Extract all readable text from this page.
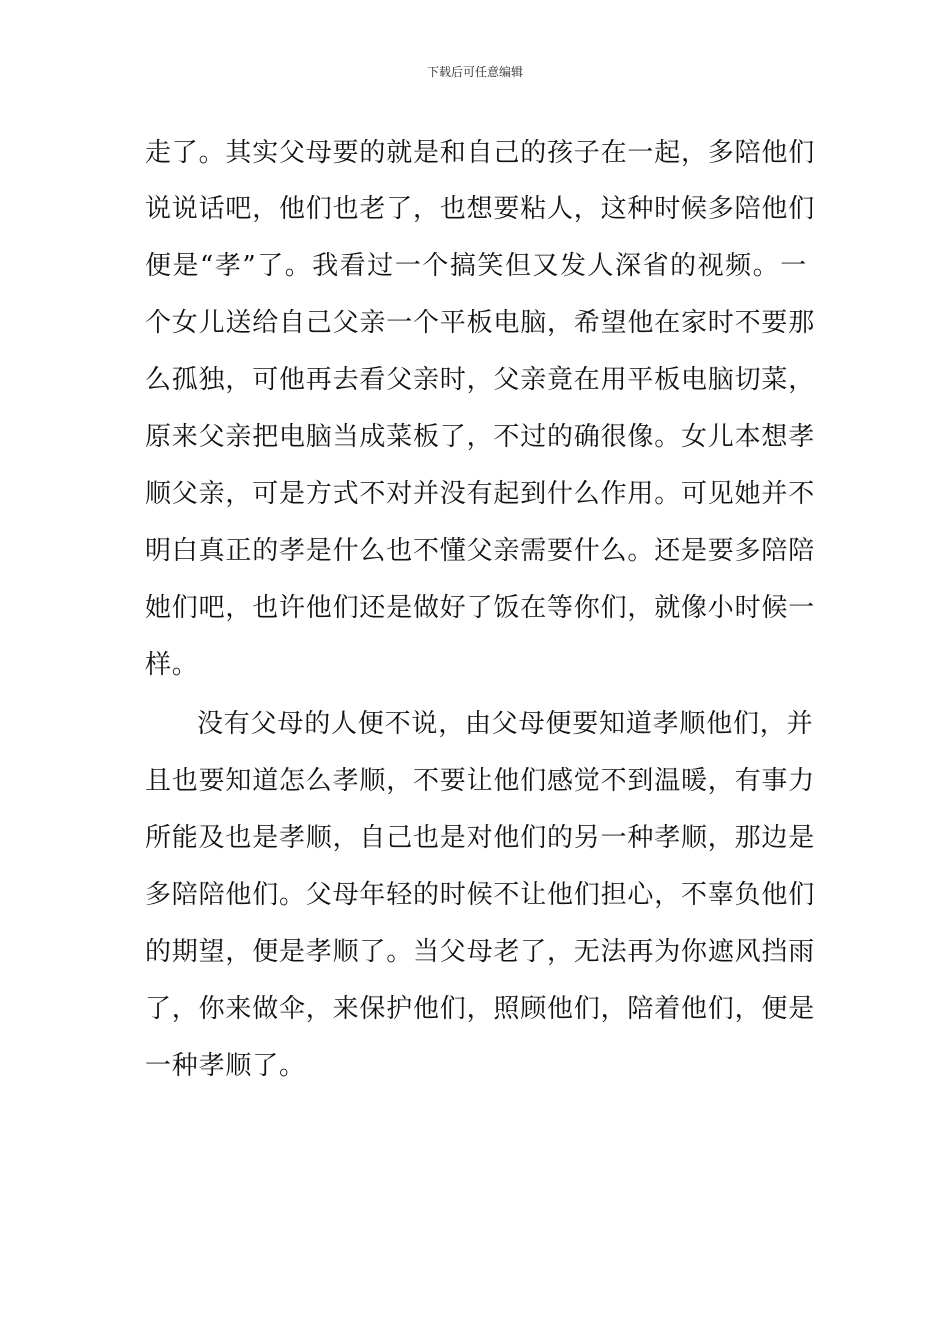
下载后可任意编辑
走了。其实父母要的就是和自己的孩子在一起，多陪他们
说说话吧，他们也老了，也想要粘人，这种时候多陪他们
便是“孝”了。我看过一个搞笑但又发人深省的视频。一
个女儿送给自己父亲一个平板电脑，希望他在家时不要那
么孤独，可他再去看父亲时，父亲竟在用平板电脑切菜，
原来父亲把电脑当成菜板了，不过的确很像。女儿本想孝
顺父亲，可是方式不对并没有起到什么作用。可见她并不
明白真正的孝是什么也不懂父亲需要什么。还是要多陪陪
她们吧，也许他们还是做好了饭在等你们，就像小时候一
样。
没有父母的人便不说，由父母便要知道孝顺他们，并
且也要知道怎么孝顺，不要让他们感觉不到温暖，有事力
所能及也是孝顺，自己也是对他们的另一种孝顺，那边是
多陪陪他们。父母年轻的时候不让他们担心，不辜负他们
的期望，便是孝顺了。当父母老了，无法再为你遮风挡雨
了，你来做伞，来保护他们，照顾他们，陪着他们，便是
一种孝顺了。
